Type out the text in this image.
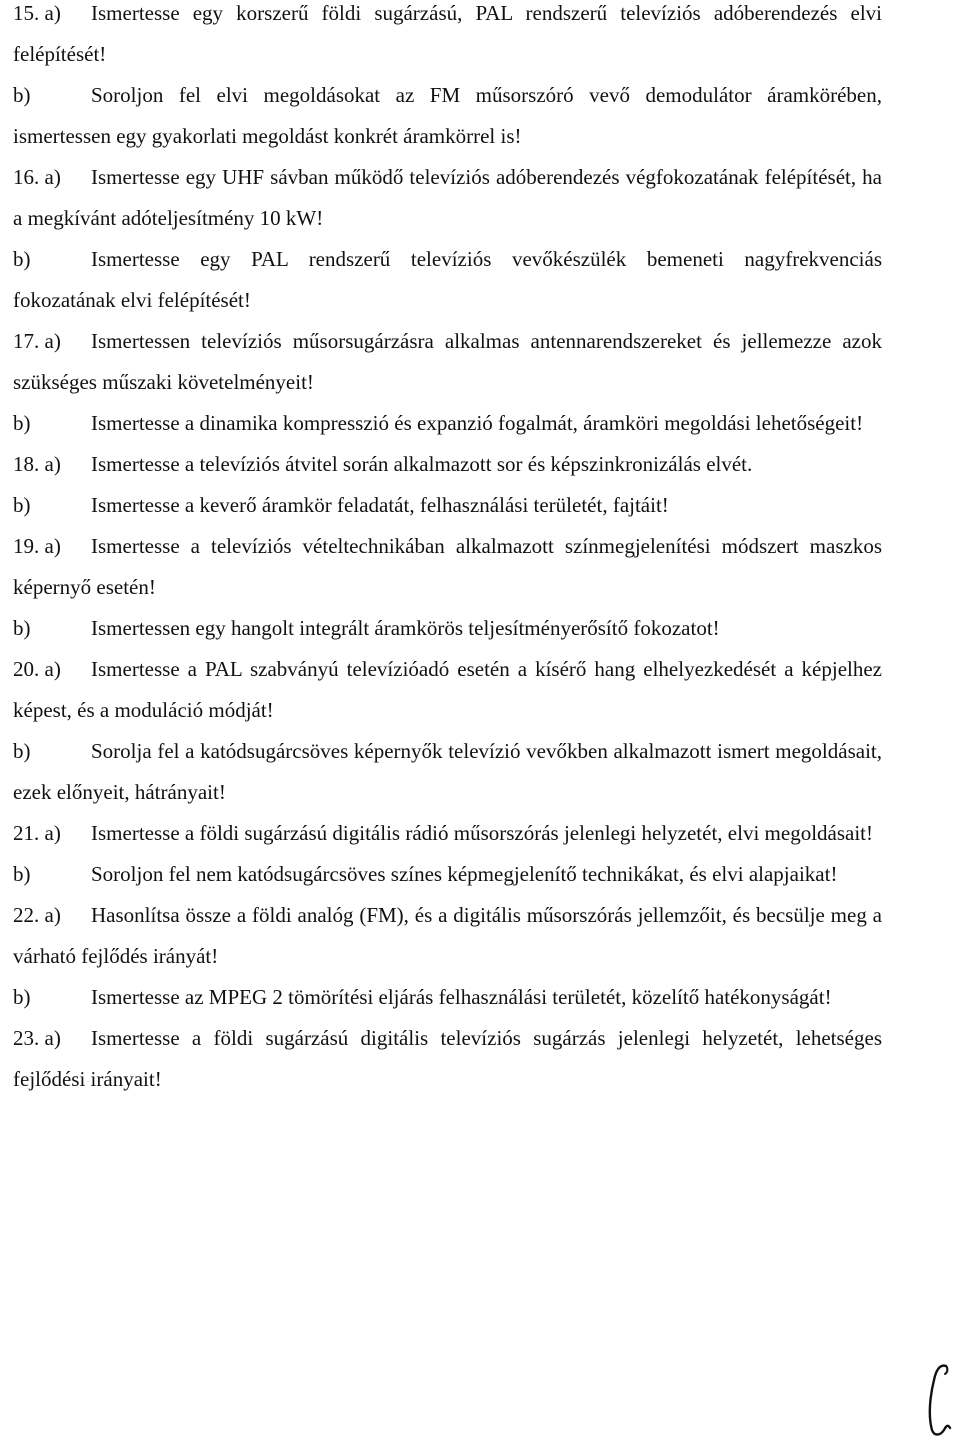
15. a) Ismertesse egy korszerű földi sugárzású, PAL rendszerű televíziós adóberendezés elvi felépítését!

b)	Soroljon fel elvi megoldásokat az FM műsorszóró vevő demodulátor áramkörében, ismertessen egy gyakorlati megoldást konkrét áramkörrel is!

16. a) Ismertesse egy UHF sávban működő televíziós adóberendezés végfokozatának felépítését, ha a megkívánt adóteljesítmény 10 kW!

b)	Ismertesse egy PAL rendszerű televíziós vevőkészülék bemeneti nagyfrekvenciás fokozatának elvi felépítését!

17. a) Ismertessen televíziós műsorsugárzásra alkalmas antennarendszereket és jellemezze azok szükséges műszaki követelményeit!

b)	Ismertesse a dinamika kompresszió és expanzió fogalmát, áramköri megoldási lehetőségeit!

18. a) Ismertesse a televíziós átvitel során alkalmazott sor és képszinkronizálás elvét.

b)	Ismertesse a keverő áramkör feladatát, felhasználási területét, fajtáit!

19. a) Ismertesse a televíziós vételtechnikában alkalmazott színmegjelenítési módszert maszkos képernyő esetén!

b)	Ismertessen egy hangolt integrált áramkörös teljesítményerősítő fokozatot!

20. a) Ismertesse a PAL szabványú televízióadó esetén a kísérő hang elhelyezkedését a képjelhez képest, és a moduláció módját!

b)	Sorolja fel a katódsugárcsöves képernyők televízió vevőkben alkalmazott ismert megoldásait, ezek előnyeit, hátrányait!

21. a) Ismertesse a földi sugárzású digitális rádió műsorszórás jelenlegi helyzetét, elvi megoldásait!

b)	Soroljon fel nem katódsugárcsöves színes képmegjelenítő technikákat, és elvi alapjaikat!

22. a) Hasonlítsa össze a földi analóg (FM), és a digitális műsorszórás jellemzőit, és becsülje meg a várható fejlődés irányát!

b)	Ismertesse az MPEG 2 tömörítési eljárás felhasználási területét, közelítő hatékonyságát!

23. a) Ismertesse a földi sugárzású digitális televíziós sugárzás jelenlegi helyzetét, lehetséges fejlődési irányait!
